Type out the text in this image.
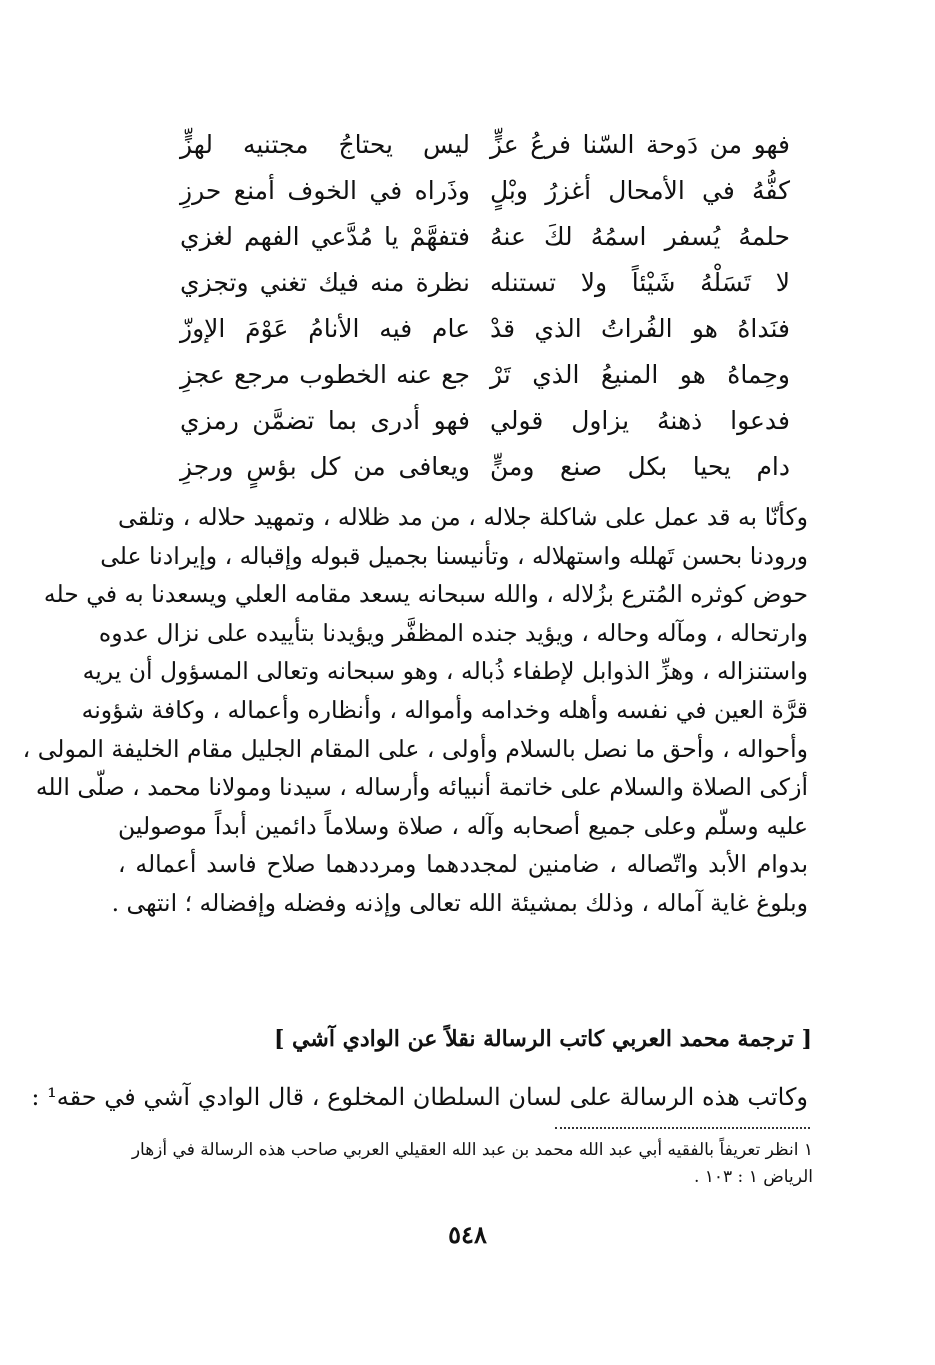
فهو من دَوحة السّنا فرعُ عزٍّ
ليس يحتاجُ مجتنيه لهزٍّ
كفُّهُ في الأمحال أغزرُ وبْلٍ
وذَراه في الخوف أمنع حرزِ
حلمهُ يُسفر اسمُهُ لكَ عنهُ
فتفهَّمْ يا مُدَّعي الفهم لغزي
لا تَسَلْهُ شَيْئاً ولا تستنله
نظرة منه فيك تغني وتجزي
فنَداهُ هو الفُراتُ الذي قدْ
عام فيه الأنامُ عَوْمَ الإوزّ
وحِماهُ هو المنيعُ الذي تَرْ
جع عنه الخطوب مرجع عجزِ
فدعوا ذهنهُ يزاول قولي
فهو أدرى بما تضمَّن رمزي
دام يحيا بكل صنع ومنٍّ
ويعافى من كل بؤسٍ ورجزِ
وكأنّا به قد عمل على شاكلة جلاله ، من مد ظلاله ، وتمهيد حلاله ، وتلقى
ورودنا بحسن تَهلله واستهلاله ، وتأنيسنا بجميل قبوله وإقباله ، وإيرادنا على
حوض كوثره المُترع بزُلاله ، والله سبحانه يسعد مقامه العلي ويسعدنا به في حله
وارتحاله ، ومآله وحاله ، ويؤيد جنده المظفَّر ويؤيدنا بتأييده على نزال عدوه
واستنزاله ، وهزِّ الذوابل لإطفاء ذُباله ، وهو سبحانه وتعالى المسؤول أن يريه
قرَّة العين في نفسه وأهله وخدامه وأمواله ، وأنظاره وأعماله ، وكافة شؤونه
وأحواله ، وأحق ما نصل بالسلام وأولى ، على المقام الجليل مقام الخليفة المولى ،
أزكى الصلاة والسلام على خاتمة أنبيائه وأرساله ، سيدنا ومولانا محمد ، صلّى الله
عليه وسلّم وعلى جميع أصحابه وآله ، صلاة وسلاماً دائمين أبداً موصولين
بدوام الأبد واتّصاله ، ضامنين لمجددهما ومرددهما صلاح فاسد أعماله ،
وبلوغ غاية آماله ، وذلك بمشيئة الله تعالى وإذنه وفضله وإفضاله ؛ انتهى .
[ ترجمة محمد العربي كاتب الرسالة نقلاً عن الوادي آشي ]
وكاتب هذه الرسالة على لسان السلطان المخلوع ، قال الوادي آشي في حقه¹ :
١ انظر تعريفاً بالفقيه أبي عبد الله محمد بن عبد الله العقيلي العربي صاحب هذه الرسالة في أزهار
الرياض ١ : ١٠٣ .
٥٤٨
